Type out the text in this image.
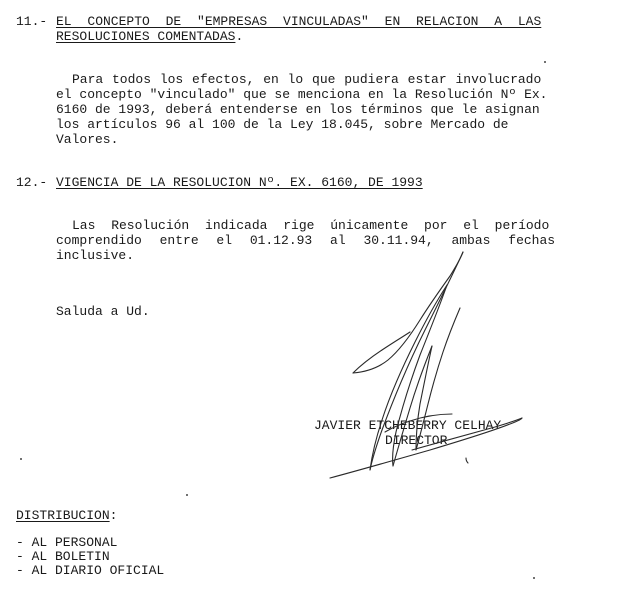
11.- EL CONCEPTO DE "EMPRESAS VINCULADAS" EN RELACION A LAS
RESOLUCIONES COMENTADAS.
Para todos los efectos, en lo que pudiera estar involucrado
el concepto "vinculado" que se menciona en la Resolución Nº Ex.
6160 de 1993, deberá entenderse en los términos que le asignan
los artículos 96 al 100 de la Ley 18.045, sobre Mercado de
Valores.
12.- VIGENCIA DE LA RESOLUCION Nº. EX. 6160, DE 1993
Las Resolución indicada rige únicamente por el período
comprendido entre el 01.12.93 al 30.11.94, ambas fechas
inclusive.
Saluda a Ud.
JAVIER ETCHEBERRY CELHAY
DIRECTOR
DISTRIBUCION:
- AL PERSONAL
- AL BOLETIN
- AL DIARIO OFICIAL
